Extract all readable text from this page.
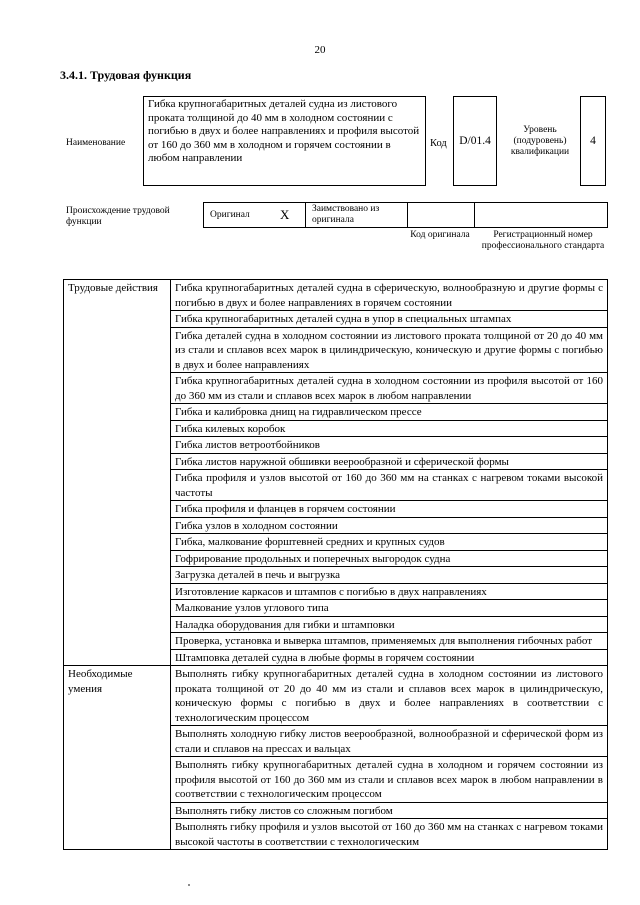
20
3.4.1. Трудовая функция
Наименование
Гибка крупногабаритных деталей судна из листового проката толщиной до 40 мм в холодном состоянии с погибью в двух и более направлениях и профиля высотой от 160 до 360 мм в холодном и горячем состоянии в любом направлении
Код D/01.4
Уровень (подуровень) квалификации
4
Происхождение трудовой функции
Оригинал X Заимствовано из оригинала
Код оригинала	Регистрационный номер профессионального стандарта
Трудовые действия	Гибка крупногабаритных деталей судна в сферическую, волнообразную и другие формы с погибью в двух и более направлениях в горячем состоянии
	Гибка крупногабаритных деталей судна в упор в специальных штампах
	Гибка деталей судна в холодном состоянии из листового проката толщиной от 20 до 40 мм из стали и сплавов всех марок в цилиндрическую, коническую и другие формы с погибью в двух и более направлениях
	Гибка крупногабаритных деталей судна в холодном состоянии из профиля высотой от 160 до 360 мм из стали и сплавов всех марок в любом направлении
	Гибка и калибровка днищ на гидравлическом прессе
	Гибка килевых коробок
	Гибка листов ветроотбойников
	Гибка листов наружной обшивки веерообразной и сферической формы
	Гибка профиля и узлов высотой от 160 до 360 мм на станках с нагревом токами высокой частоты
	Гибка профиля и фланцев в горячем состоянии
	Гибка узлов в холодном состоянии
	Гибка, малкование форштевней средних и крупных судов
	Гофрирование продольных и поперечных выгородок судна
	Загрузка деталей в печь и выгрузка
	Изготовление каркасов и штампов с погибью в двух направлениях
	Малкование узлов углового типа
	Наладка оборудования для гибки и штамповки
	Проверка, установка и выверка штампов, применяемых для выполнения гибочных работ
	Штамповка деталей судна в любые формы в горячем состоянии
Необходимые умения	Выполнять гибку крупногабаритных деталей судна в холодном состоянии из листового проката толщиной от 20 до 40 мм из стали и сплавов всех марок в цилиндрическую, коническую формы с погибью в двух и более направлениях в соответствии с технологическим процессом
	Выполнять холодную гибку листов веерообразной, волнообразной и сферической форм из стали и сплавов на прессах и вальцах
	Выполнять гибку крупногабаритных деталей судна в холодном и горячем состоянии из профиля высотой от 160 до 360 мм из стали и сплавов всех марок в любом направлении в соответствии с технологическим процессом
	Выполнять гибку листов со сложным погибом
	Выполнять гибку профиля и узлов высотой от 160 до 360 мм на станках с нагревом токами высокой частоты в соответствии с технологическим
